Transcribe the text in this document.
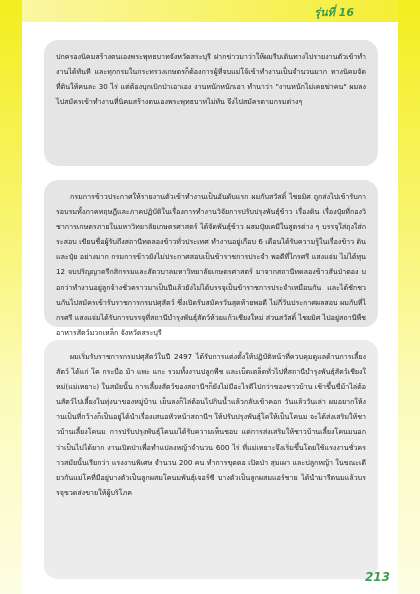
รุ่นที่ 16

ปกครองนิคมสร้างตนเองพระพุทธบาทจังหวัดสระบุรี ฝากข่าวมาว่าให้ผมรีบเดินทางไปรายงานตัวเข้าทำงานได้ทันที และทุกกรมในกระทรวงเกษตรก็ต้องการผู้ที่จบแม่โจ้เข้าทำงานเป็นจำนวนมาก ทางนิคมจัดที่ดินให้คนละ 30 ไร่ แต่ต้องบุกเบิกป่าเอาเอง งานหนักหนักเอา ทำนาว่า "งานหนักไม่เคยฆ่าคน" ผมลงไปสมัครเข้าทำงานที่นิคมสร้างตนเองพระพุทธบาทไม่ทัน จึงไปสมัครตามกรมต่างๆ

กรมการข้าวประกาศให้รายงานตัวเข้าทำงานเป็นอันดับแรก ผมกับสวัสดิ์ ไชยมิศ ถูกส่งไปเข้ารับการอบรมทั้งภาคทฤษฎีและภาคปฏิบัติในเรื่องการทำงานวิจัยการปรับปรุงพันธุ์ข้าว เรื่องดิน เรื่องปุ๋ยที่กองวิชาการเกษตรภายในมหาวิทยาลัยเกษตรศาสตร์ ได้จัดพันธุ์ข้าว ผสมปุ๋ยเคมีในสูตรต่าง ๆ บรรจุใส่ถุงใส่กระสอบ เขียนชื่อผู้รับถึงสถานีทดลองข้าวทั่วประเทศ ทำงานอยู่เกือบ 6 เดือนได้รับความรู้ในเรื่องข้าว ดินและปุ๋ย อย่างมาก กรมการข้าวยังไม่ประกาศสอบเป็นข้าราชการประจำ พอดีที่ไกรศรี แสงแจ่ม ไม่ได้ทุน 12 จบปริญญาตรีกสิกรรมและสัตวบาลมหาวิทยาลัยเกษตรศาสตร์ มาจากสถานีทดลองข้าวสันป่าตอง บอกว่าทำงานอยู่ลูกจ้างชั่วคราวมาเป็นปีแล้วยังไม่ได้บรรจุเป็นข้าราชการประจำเหมือนกัน และได้ชักชวนกันไปสมัครเข้ารับราชการกรมปศุสัตว์ ซึ่งเปิดรับสมัครวันสุดท้ายพอดี ไม่กี่วันประกาศผลสอบ ผมกับที่ไกรศรี แสงแจ่มได้รับการบรรจุที่สถานีบำรุงพันธุ์สัตว์ห้วยแก้วเชียงใหม่ ส่วนสวัสดิ์ ไชยมิศ ไปอยู่สถานีพืชอาหารสัตว์มวกเหล็ก จังหวัดสระบุรี

ผมเริ่มรับราชการกรมปศุสัตว์ในปี 2497 ได้รับการแต่งตั้งให้ปฏิบัติหน้าที่ควบคุมดูแลด้านการเลี้ยงสัตว์ ได้แก่ โค กระบือ ม้า แพะ แกะ รวมทั้งงานปลูกพืช และเบ็ดเตล็ดทั่วไปที่สถานีบำรุงพันธุ์สัตว์เชียงใหม่(แม่เหยาะ) ในสมัยนั้น การเลี้ยงสัตว์ของสถานีฯก็ยังไม่มีอะไรดีไปกว่าของชาวบ้าน เช้าขึ้นขี่ม้าไล่ต้อนสัตว์ไปเลี้ยงในทุ่งนาของหมู่บ้าน เย็นลงก็ไล่ต้อนไปกินน้ำแล้วกลับเข้าคอก วันแล้ววันเล่า ผมอยากให้งานเป็นที่กว้างก็เป็นอยู่ได้นำเรื่องเสนอหัวหน้าสถานีฯ ให้ปรับปรุงพันธุ์โคให้เป็นโคนม จะได้ส่งเสริมให้ชาวบ้านเลี้ยงโคนม การปรับปรุงพันธุ์โคนมได้รับความเห็นชอบ แต่การส่งเสริมให้ชาวบ้านเลี้ยงโคนมนอกว่าเป็นไปได้ยาก งานเปิดป่าเพื่อทำแปลงหญ้าจำนวน 600 ไร่ ที่แม่เหยาะจึงเริ่มขึ้นโดยใช้แรงงานชั่วคราวสมัยนั้นเรียกว่า แรงงานพิเศษ จำนวน 200 คน ทำการขุดตอ เปิดป่า สุมเผา และปลูกหญ้า ในขณะเดียวกันแม่โคที่มีอยู่บางตัวเป็นลูกผสมโคนมพันธุ์เจอร์ซี บางตัวเป็นลูกผสมแอร์ชาย ได้นำมารีดนมแล้วบรรจุขวดส่งขายให้ผู้บริโภค

213
